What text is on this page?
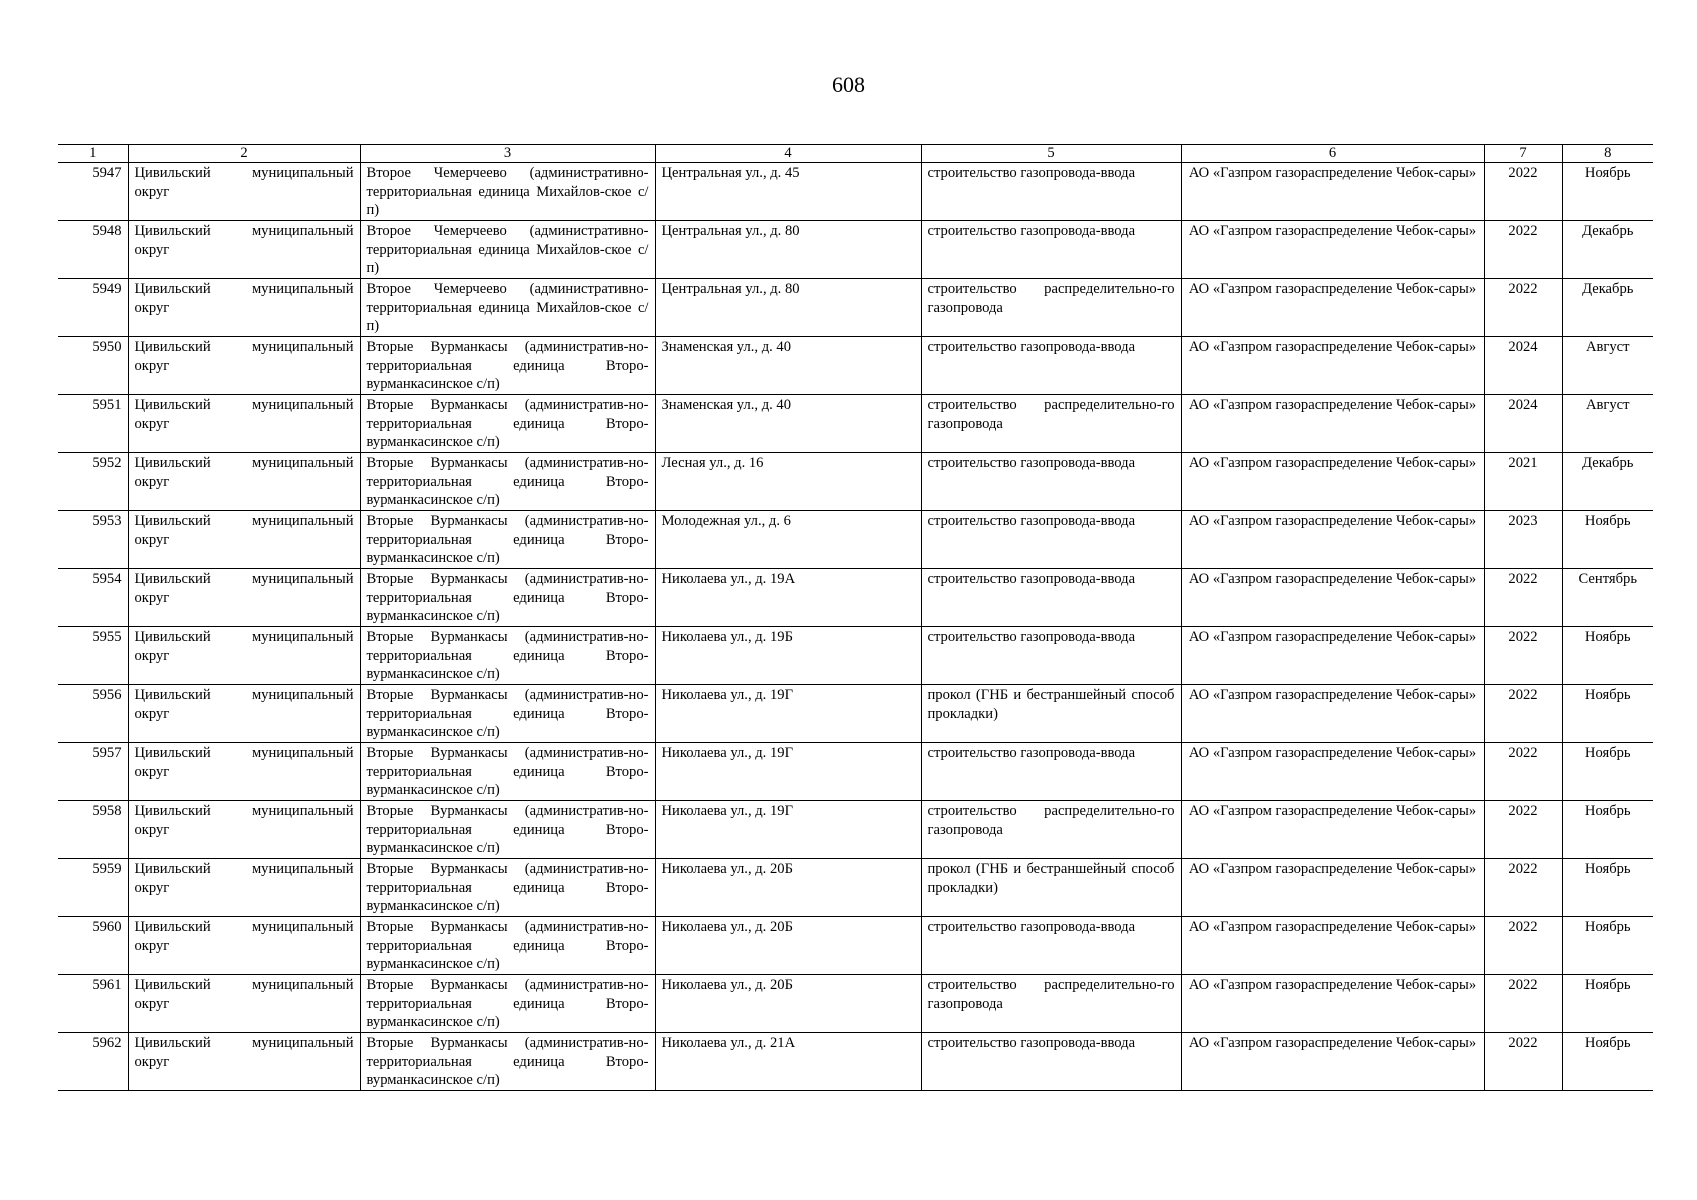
608
1	2	3	4	5	6	7	8
5947	Цивильский муниципальный округ	Второе Чемерчеево (административно-территориальная единица Михайлов-ское с/п)	Центральная ул., д. 45	строительство газопровода-ввода	АО «Газпром газораспределение Чебок-сары»	2022	Ноябрь
5948	Цивильский муниципальный округ	Второе Чемерчеево (административно-территориальная единица Михайлов-ское с/п)	Центральная ул., д. 80	строительство газопровода-ввода	АО «Газпром газораспределение Чебок-сары»	2022	Декабрь
5949	Цивильский муниципальный округ	Второе Чемерчеево (административно-территориальная единица Михайлов-ское с/п)	Центральная ул., д. 80	строительство распределительно-го газопровода	АО «Газпром газораспределение Чебок-сары»	2022	Декабрь
5950	Цивильский муниципальный округ	Вторые Вурманкасы (административ-но-территориальная единица Второ-вурманкасинское с/п)	Знаменская ул., д. 40	строительство газопровода-ввода	АО «Газпром газораспределение Чебок-сары»	2024	Август
5951	Цивильский муниципальный округ	Вторые Вурманкасы (административ-но-территориальная единица Второ-вурманкасинское с/п)	Знаменская ул., д. 40	строительство распределительно-го газопровода	АО «Газпром газораспределение Чебок-сары»	2024	Август
5952	Цивильский муниципальный округ	Вторые Вурманкасы (административ-но-территориальная единица Второ-вурманкасинское с/п)	Лесная ул., д. 16	строительство газопровода-ввода	АО «Газпром газораспределение Чебок-сары»	2021	Декабрь
5953	Цивильский муниципальный округ	Вторые Вурманкасы (административ-но-территориальная единица Второ-вурманкасинское с/п)	Молодежная ул., д. 6	строительство газопровода-ввода	АО «Газпром газораспределение Чебок-сары»	2023	Ноябрь
5954	Цивильский муниципальный округ	Вторые Вурманкасы (административ-но-территориальная единица Второ-вурманкасинское с/п)	Николаева ул., д. 19А	строительство газопровода-ввода	АО «Газпром газораспределение Чебок-сары»	2022	Сентябрь
5955	Цивильский муниципальный округ	Вторые Вурманкасы (административ-но-территориальная единица Второ-вурманкасинское с/п)	Николаева ул., д. 19Б	строительство газопровода-ввода	АО «Газпром газораспределение Чебок-сары»	2022	Ноябрь
5956	Цивильский муниципальный округ	Вторые Вурманкасы (административ-но-территориальная единица Второ-вурманкасинское с/п)	Николаева ул., д. 19Г	прокол (ГНБ и бестраншейный способ прокладки)	АО «Газпром газораспределение Чебок-сары»	2022	Ноябрь
5957	Цивильский муниципальный округ	Вторые Вурманкасы (административ-но-территориальная единица Второ-вурманкасинское с/п)	Николаева ул., д. 19Г	строительство газопровода-ввода	АО «Газпром газораспределение Чебок-сары»	2022	Ноябрь
5958	Цивильский муниципальный округ	Вторые Вурманкасы (административ-но-территориальная единица Второ-вурманкасинское с/п)	Николаева ул., д. 19Г	строительство распределительно-го газопровода	АО «Газпром газораспределение Чебок-сары»	2022	Ноябрь
5959	Цивильский муниципальный округ	Вторые Вурманкасы (административ-но-территориальная единица Второ-вурманкасинское с/п)	Николаева ул., д. 20Б	прокол (ГНБ и бестраншейный способ прокладки)	АО «Газпром газораспределение Чебок-сары»	2022	Ноябрь
5960	Цивильский муниципальный округ	Вторые Вурманкасы (административ-но-территориальная единица Второ-вурманкасинское с/п)	Николаева ул., д. 20Б	строительство газопровода-ввода	АО «Газпром газораспределение Чебок-сары»	2022	Ноябрь
5961	Цивильский муниципальный округ	Вторые Вурманкасы (административ-но-территориальная единица Второ-вурманкасинское с/п)	Николаева ул., д. 20Б	строительство распределительно-го газопровода	АО «Газпром газораспределение Чебок-сары»	2022	Ноябрь
5962	Цивильский муниципальный округ	Вторые Вурманкасы (административ-но-территориальная единица Второ-вурманкасинское с/п)	Николаева ул., д. 21А	строительство газопровода-ввода	АО «Газпром газораспределение Чебок-сары»	2022	Ноябрь
